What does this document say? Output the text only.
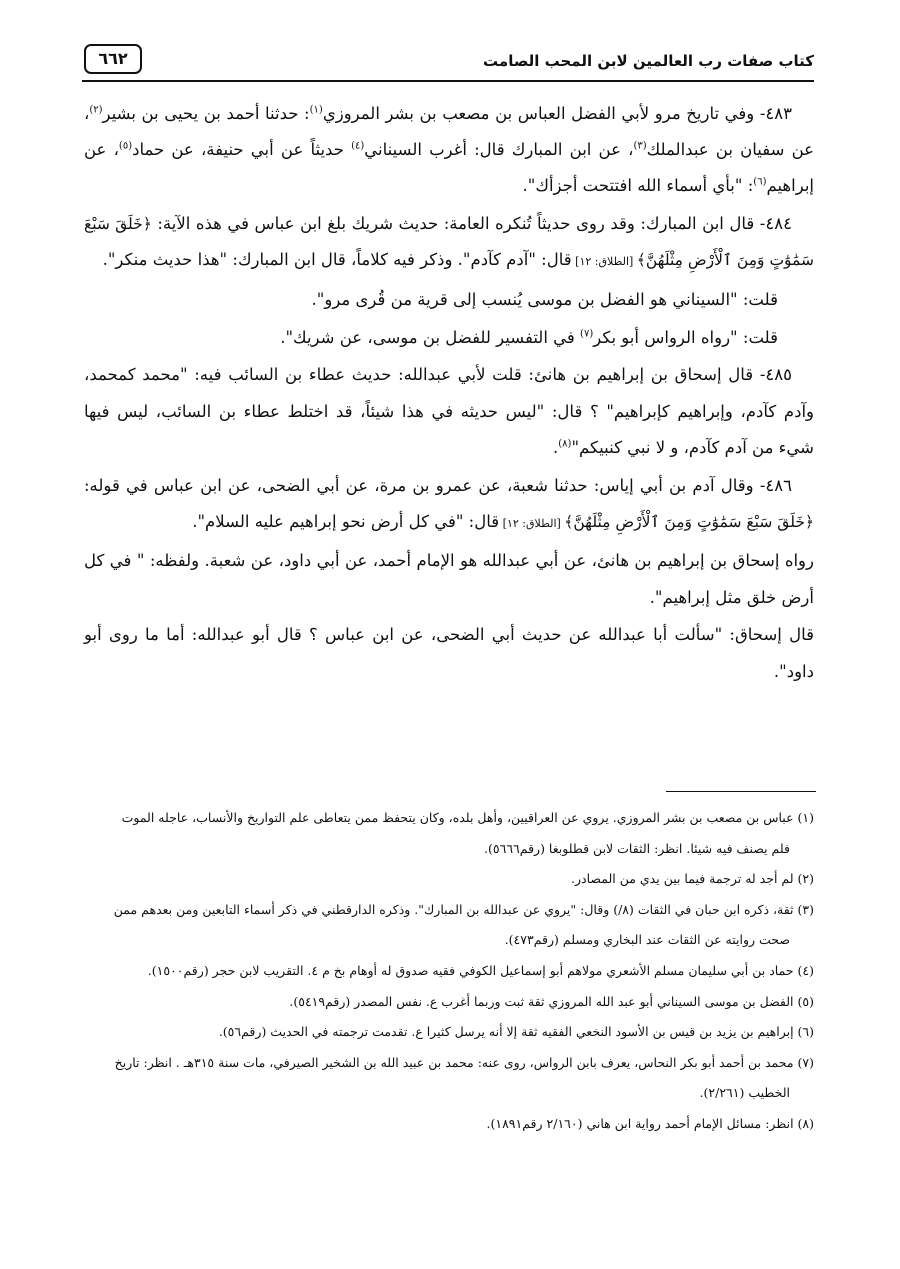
كتاب صفات رب العالمين لابن المحب الصامت
٦٦٢

٤٨٣- وفي تاريخ مرو لأبي الفضل العباس بن مصعب بن بشر المروزي$^{(١)}$: حدثنا أحمد بن يحيى بن بشير$^{(٢)}$، عن سفيان بن عبدالملك$^{(٣)}$، عن ابن المبارك قال: أغرب السيناني$^{(٤)}$ حديثاً عن أبي حنيفة، عن حماد$^{(٥)}$، عن إبراهيم$^{(٦)}$: "بأي أسماء الله افتتحت أجزأك".

٤٨٤- قال ابن المبارك: وقد روى حديثاً تُنكره العامة: حديث شريك بلغ ابن عباس في هذه الآية: ﴿خَلَقَ سَبْعَ سَمَٰوَٰتٍ وَمِنَ ٱلْأَرْضِ مِثْلَهُنَّ﴾ [الطلاق: ١٢] قال: "آدم كآدم". وذكر فيه كلاماً، قال ابن المبارك: "هذا حديث منكر".

قلت: "السيناني هو الفضل بن موسى يُنسب إلى قرية من قُرى مرو".

قلت: "رواه الرواس أبو بكر$^{(٧)}$ في التفسير للفضل بن موسى، عن شريك".

٤٨٥- قال إسحاق بن إبراهيم بن هانئ: قلت لأبي عبدالله: حديث عطاء بن السائب فيه: "محمد كمحمد، وآدم كآدم، وإبراهيم كإبراهيم" ؟ قال: "ليس حديثه في هذا شيئاً، قد اختلط عطاء بن السائب، ليس فيها شيء من آدم كآدم، و لا نبي كنبيكم"$^{(٨)}$.

٤٨٦- وقال آدم بن أبي إياس: حدثنا شعبة، عن عمرو بن مرة، عن أبي الضحى، عن ابن عباس في قوله: ﴿خَلَقَ سَبْعَ سَمَٰوَٰتٍ وَمِنَ ٱلْأَرْضِ مِثْلَهُنَّ﴾ [الطلاق: ١٢] قال: "في كل أرض نحو إبراهيم عليه السلام".

رواه إسحاق بن إبراهيم بن هانئ، عن أبي عبدالله هو الإمام أحمد، عن أبي داود، عن شعبة. ولفظه: " في كل أرض خلق مثل إبراهيم".

قال إسحاق: "سألت أبا عبدالله عن حديث أبي الضحى، عن ابن عباس ؟ قال أبو عبدالله: أما ما روى أبو داود".

(١) عباس بن مصعب بن بشر المروزي. يروي عن العراقيين، وأهل بلده، وكان يتحفظ ممن يتعاطى علم التواريخ والأنساب، عاجله الموت

فلم يصنف فيه شيئا. انظر: الثقات لابن قطلوبغا (رقم٥٦٦٦).

(٢) لم أجد له ترجمة فيما بين يدي من المصادر.

(٣) ثقة، ذكره ابن حبان في الثقات (٨/) وقال: "يروي عن عبدالله بن المبارك". وذكره الدارقطني في ذكر أسماء التابعين ومن بعدهم ممن

صحت روايته عن الثقات عند البخاري ومسلم (رقم٤٧٣).

(٤) حماد بن أبي سليمان مسلم الأشعري مولاهم أبو إسماعيل الكوفي فقيه صدوق له أوهام بخ م ٤. التقريب لابن حجر (رقم١٥٠٠).

(٥) الفضل بن موسى السيناني أبو عبد الله المروزي ثقة ثبت وربما أغرب ع. نفس المصدر (رقم٥٤١٩).

(٦) إبراهيم بن يزيد بن قيس بن الأسود النخعي الفقيه ثقة إلا أنه يرسل كثيرا ع. تقدمت ترجمته في الحديث (رقم٥٦).

(٧) محمد بن أحمد أبو بكر النحاس، يعرف بابن الرواس، روى عنه: محمد بن عبيد الله بن الشخير الصيرفي، مات سنة ٣١٥هـ . انظر: تاريخ

الخطيب (٢/٢٦١).

(٨) انظر: مسائل الإمام أحمد رواية ابن هاني (٢/١٦٠ رقم١٨٩١).
